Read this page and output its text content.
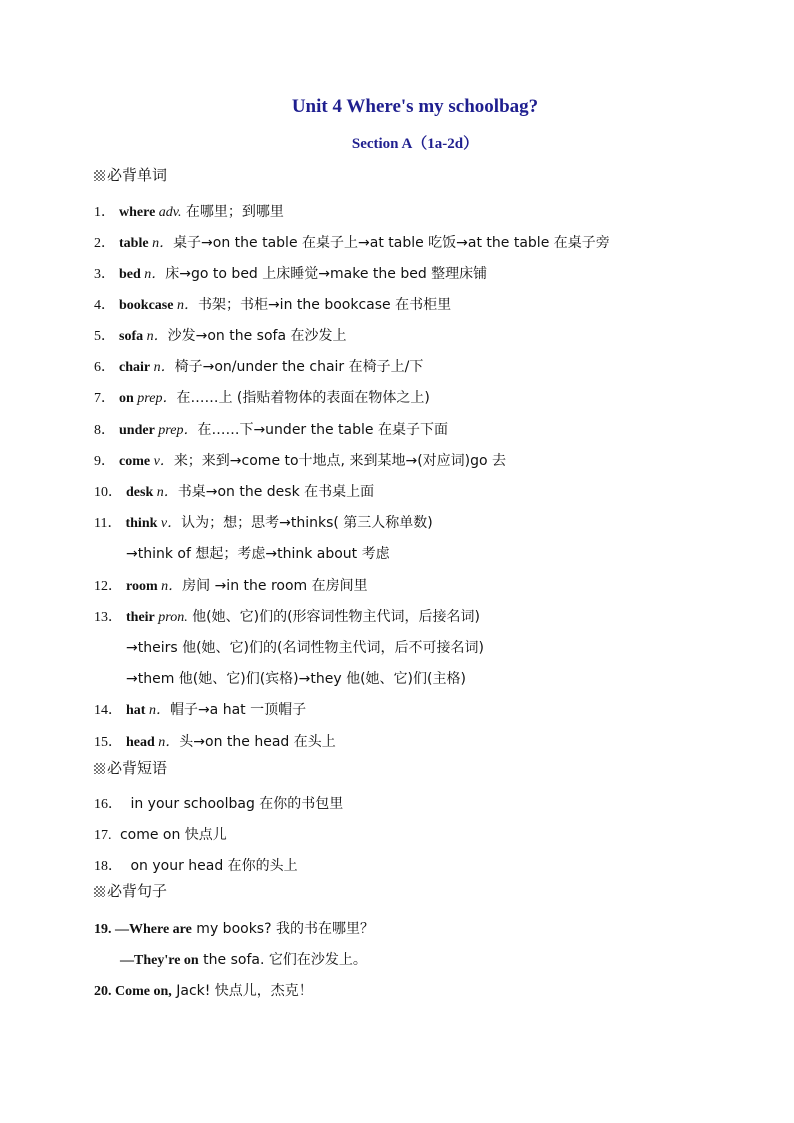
Unit 4 Where's my schoolbag?
Section A（1a-2d）
必背单词
1． where adv. 在哪里；到哪里
2． table n．桌子→on the table 在桌子上→at table 吃饭→at the table 在桌子旁
3． bed n．床→go to bed 上床睡觉→make the bed 整理床铺
4． bookcase n．书架；书柜→in the bookcase 在书柜里
5． sofa n．沙发→on the sofa 在沙发上
6． chair n．椅子→on/under the chair 在椅子上/下
7． on prep．在……上 (指贴着物体的表面在物体之上)
8． under prep．在……下→under the table 在桌子下面
9． come v．来；来到→come to十地点, 来到某地→(对应词)go 去
10． desk n．书桌→on the desk 在书桌上面
11． think v．认为；想；思考→thinks( 第三人称单数)
→think of 想起；考虑→think about 考虑
12． room n．房间 →in the room 在房间里
13． their pron. 他(她、它)们的(形容词性物主代词，后接名词)
→theirs 他(她、它)们的(名词性物主代词，后不可接名词)
→them 他(她、它)们(宾格)→they 他(她、它)们(主格)
14． hat n．帽子→a hat 一顶帽子
15． head n．头→on the head 在头上
必背短语
16． in your schoolbag 在你的书包里
17. come on 快点儿
18． on your head 在你的头上
必背句子
19. —Where are my books? 我的书在哪里？
—They're on the sofa. 它们在沙发上。
20. Come on, Jack! 快点儿，杰克！
